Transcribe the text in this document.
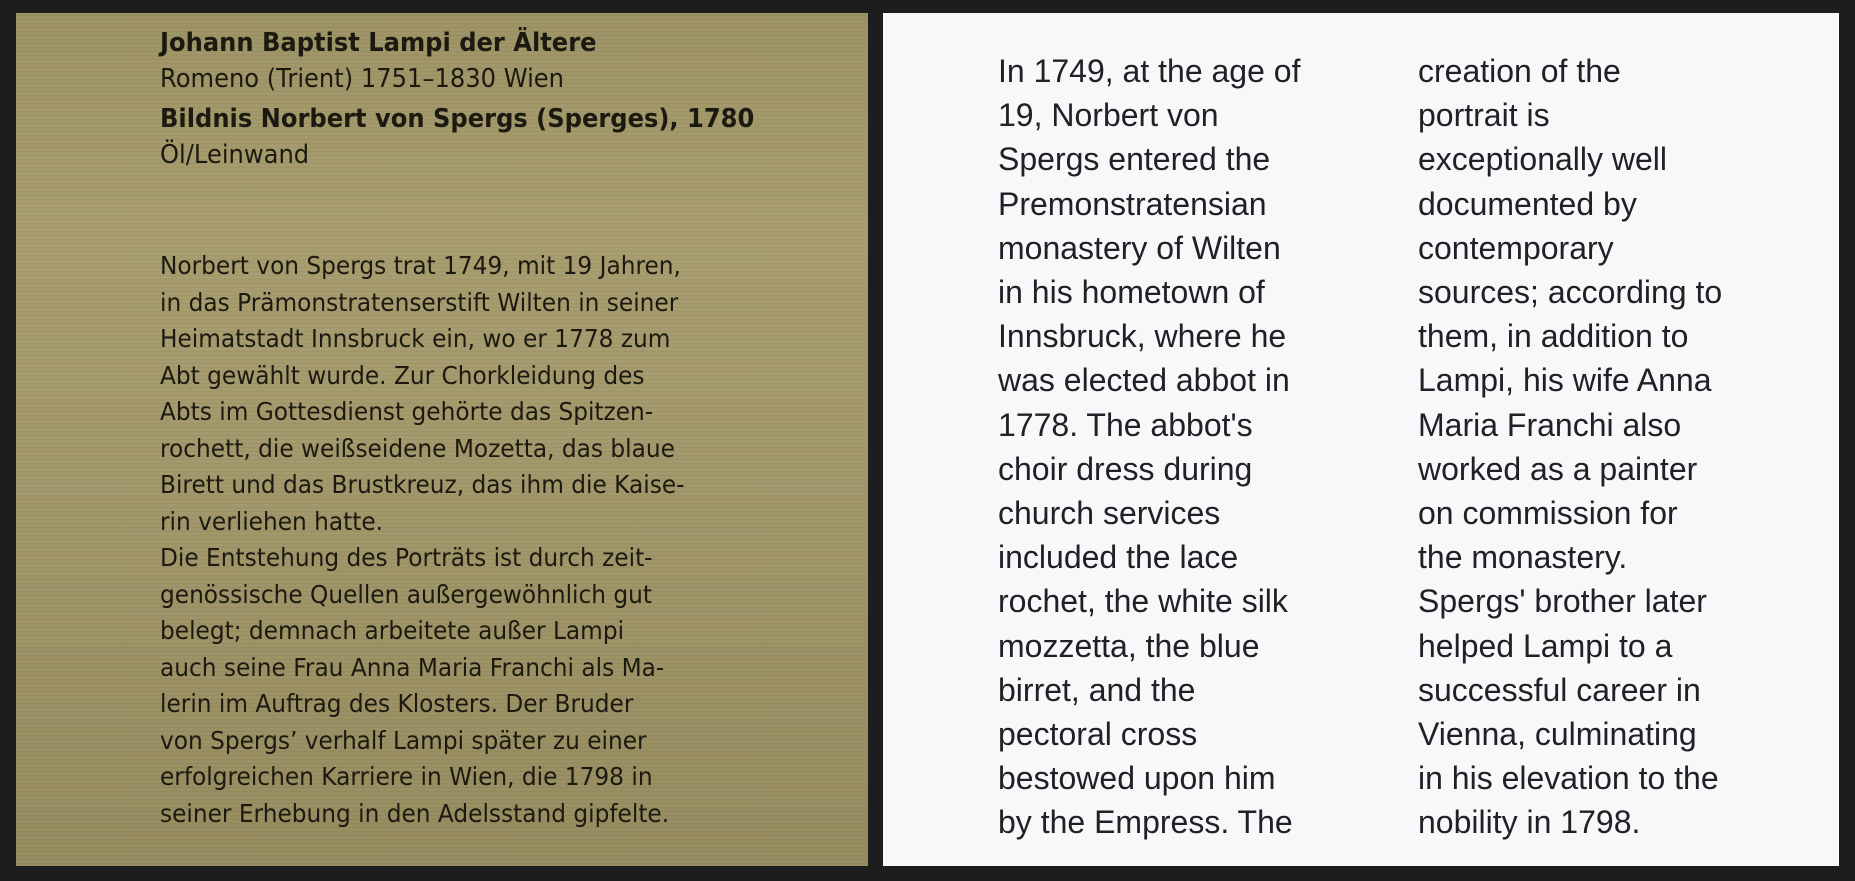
Johann Baptist Lampi der Ältere
Romeno (Trient) 1751–1830 Wien
Bildnis Norbert von Spergs (Sperges), 1780
Öl/Leinwand
Norbert von Spergs trat 1749, mit 19 Jahren,
in das Prämonstratenserstift Wilten in seiner
Heimatstadt Innsbruck ein, wo er 1778 zum
Abt gewählt wurde. Zur Chorkleidung des
Abts im Gottesdienst gehörte das Spitzen-
rochett, die weißseidene Mozetta, das blaue
Birett und das Brustkreuz, das ihm die Kaise-
rin verliehen hatte.
Die Entstehung des Porträts ist durch zeit-
genössische Quellen außergewöhnlich gut
belegt; demnach arbeitete außer Lampi
auch seine Frau Anna Maria Franchi als Ma-
lerin im Auftrag des Klosters. Der Bruder
von Spergs’ verhalf Lampi später zu einer
erfolgreichen Karriere in Wien, die 1798 in
seiner Erhebung in den Adelsstand gipfelte.
In 1749, at the age of
19, Norbert von
Spergs entered the
Premonstratensian
monastery of Wilten
in his hometown of
Innsbruck, where he
was elected abbot in
1778. The abbot's
choir dress during
church services
included the lace
rochet, the white silk
mozzetta, the blue
birret, and the
pectoral cross
bestowed upon him
by the Empress. The
creation of the
portrait is
exceptionally well
documented by
contemporary
sources; according to
them, in addition to
Lampi, his wife Anna
Maria Franchi also
worked as a painter
on commission for
the monastery.
Spergs' brother later
helped Lampi to a
successful career in
Vienna, culminating
in his elevation to the
nobility in 1798.
